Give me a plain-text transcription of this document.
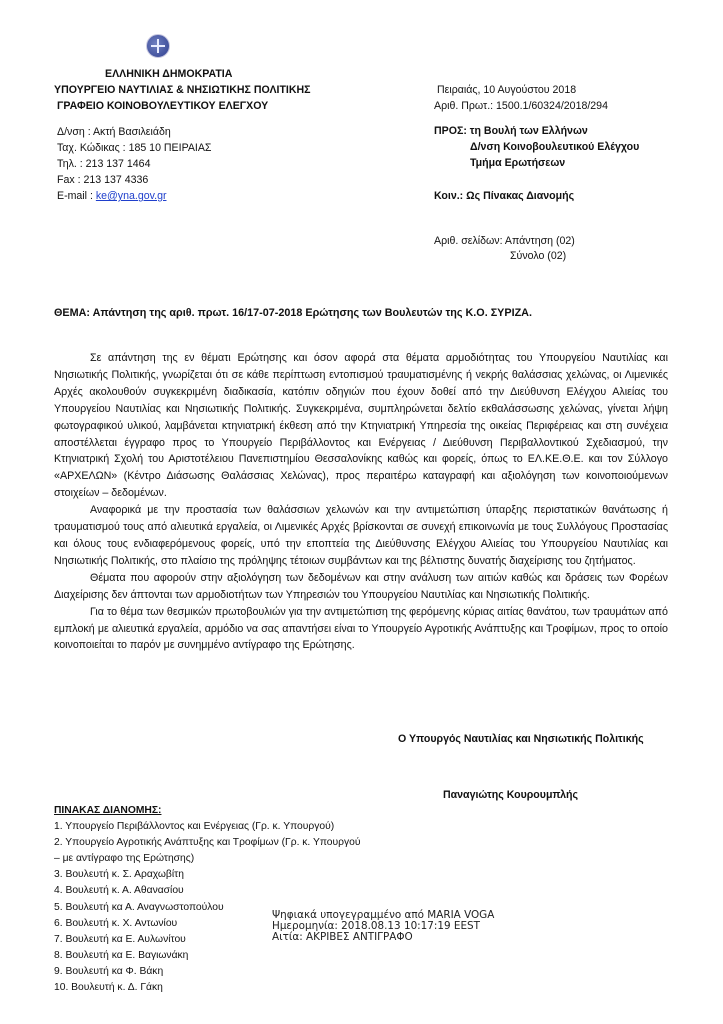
ΕΛΛΗΝΙΚΗ ΔΗΜΟΚΡΑΤΙΑ
ΥΠΟΥΡΓΕΙΟ ΝΑΥΤΙΛΙΑΣ & ΝΗΣΙΩΤΙΚΗΣ ΠΟΛΙΤΙΚΗΣ
ΓΡΑΦΕΙΟ ΚΟΙΝΟΒΟΥΛΕΥΤΙΚΟΥ ΕΛΕΓΧΟΥ
Δ/νση : Ακτή Βασιλειάδη
Ταχ. Κώδικας : 185 10 ΠΕΙΡΑΙΑΣ
Τηλ. : 213 137 1464
Fax : 213 137 4336
E-mail : ke@yna.gov.gr
Πειραιάς, 10 Αυγούστου 2018
Αριθ. Πρωτ.: 1500.1/60324/2018/294
ΠΡΟΣ: τη Βουλή των Ελλήνων
Δ/νση Κοινοβουλευτικού Ελέγχου
Τμήμα Ερωτήσεων
Κοιν.: Ως Πίνακας Διανομής
Αριθ. σελίδων: Απάντηση (02)
Σύνολο (02)
ΘΕΜΑ: Απάντηση της αριθ. πρωτ. 16/17-07-2018 Ερώτησης των Βουλευτών της Κ.Ο. ΣΥΡΙΖΑ.

Σε απάντηση της εν θέματι Ερώτησης και όσον αφορά στα θέματα αρμοδιότητας του Υπουργείου Ναυτιλίας και Νησιωτικής Πολιτικής, γνωρίζεται ότι σε κάθε περίπτωση εντοπισμού τραυματισμένης ή νεκρής θαλάσσιας χελώνας, οι Λιμενικές Αρχές ακολουθούν συγκεκριμένη διαδικασία, κατόπιν οδηγιών που έχουν δοθεί από την Διεύθυνση Ελέγχου Αλιείας του Υπουργείου Ναυτιλίας και Νησιωτικής Πολιτικής. Συγκεκριμένα, συμπληρώνεται δελτίο εκθαλάσσωσης χελώνας, γίνεται λήψη φωτογραφικού υλικού, λαμβάνεται κτηνιατρική έκθεση από την Κτηνιατρική Υπηρεσία της οικείας Περιφέρειας και στη συνέχεια αποστέλλεται έγγραφο προς το Υπουργείο Περιβάλλοντος και Ενέργειας / Διεύθυνση Περιβαλλοντικού Σχεδιασμού, την Κτηνιατρική Σχολή του Αριστοτέλειου Πανεπιστημίου Θεσσαλονίκης καθώς και φορείς, όπως το ΕΛ.ΚΕ.Θ.Ε. και τον Σύλλογο «ΑΡΧΕΛΩΝ» (Κέντρο Διάσωσης Θαλάσσιας Χελώνας), προς περαιτέρω καταγραφή και αξιολόγηση των κοινοποιούμενων στοιχείων – δεδομένων.

Αναφορικά με την προστασία των θαλάσσιων χελωνών και την αντιμετώπιση ύπαρξης περιστατικών θανάτωσης ή τραυματισμού τους από αλιευτικά εργαλεία, οι Λιμενικές Αρχές βρίσκονται σε συνεχή επικοινωνία με τους Συλλόγους Προστασίας και όλους τους ενδιαφερόμενους φορείς, υπό την εποπτεία της Διεύθυνσης Ελέγχου Αλιείας του Υπουργείου Ναυτιλίας και Νησιωτικής Πολιτικής, στο πλαίσιο της πρόληψης τέτοιων συμβάντων και της βέλτιστης δυνατής διαχείρισης του ζητήματος.

Θέματα που αφορούν στην αξιολόγηση των δεδομένων και στην ανάλυση των αιτιών καθώς και δράσεις των Φορέων Διαχείρισης δεν άπτονται των αρμοδιοτήτων των Υπηρεσιών του Υπουργείου Ναυτιλίας και Νησιωτικής Πολιτικής.

Για το θέμα των θεσμικών πρωτοβουλιών για την αντιμετώπιση της φερόμενης κύριας αιτίας θανάτου, των τραυμάτων από εμπλοκή με αλιευτικά εργαλεία, αρμόδιο να σας απαντήσει είναι το Υπουργείο Αγροτικής Ανάπτυξης και Τροφίμων, προς το οποίο κοινοποιείται το παρόν με συνημμένο αντίγραφο της Ερώτησης.

Ο Υπουργός Ναυτιλίας και Νησιωτικής Πολιτικής
Παναγιώτης Κουρουμπλής
ΠΙΝΑΚΑΣ ΔΙΑΝΟΜΗΣ:
1. Υπουργείο Περιβάλλοντος και Ενέργειας (Γρ. κ. Υπουργού)
2. Υπουργείο Αγροτικής Ανάπτυξης και Τροφίμων (Γρ. κ. Υπουργού
– με αντίγραφο της Ερώτησης)
3. Βουλευτή κ. Σ. Αραχωβίτη
4. Βουλευτή κ. Α. Αθανασίου
5. Βουλευτή κα Α. Αναγνωστοπούλου
6. Βουλευτή κ. Χ. Αντωνίου
7. Βουλευτή κα Ε. Αυλωνίτου
8. Βουλευτή κα Ε. Βαγιωνάκη
9. Βουλευτή κα Φ. Βάκη
10. Βουλευτή κ. Δ. Γάκη
Ψηφιακά υπογεγραμμένο από MARIA VOGA
Ημερομηνία: 2018.08.13 10:17:19 EEST
Αιτία: ΑΚΡΙΒΕΣ ΑΝΤΙΓΡΑΦΟ
